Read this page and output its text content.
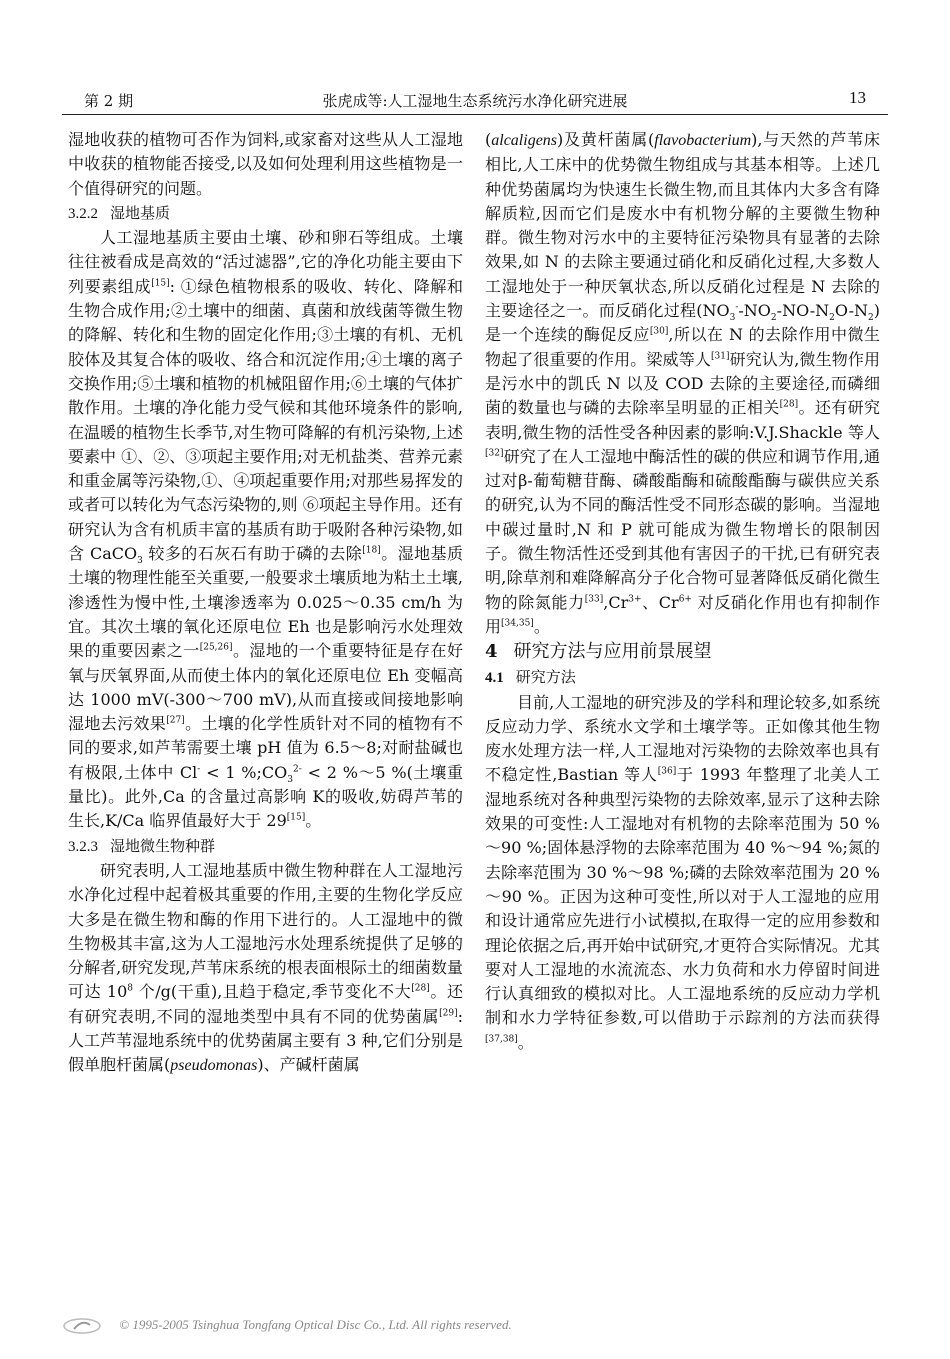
第 2 期	张虎成等:人工湿地生态系统污水净化研究进展	13

湿地收获的植物可否作为饲料,或家畜对这些从人工湿地中收获的植物能否接受,以及如何处理利用这些植物是一个值得研究的问题。

3.2.2 湿地基质

人工湿地基质主要由土壤、砂和卵石等组成。土壤往往被看成是高效的“活过滤器”,它的净化功能主要由下列要素组成[15]: ①绿色植物根系的吸收、转化、降解和生物合成作用;②土壤中的细菌、真菌和放线菌等微生物的降解、转化和生物的固定化作用;③土壤的有机、无机胶体及其复合体的吸收、络合和沉淀作用;④土壤的离子交换作用;⑤土壤和植物的机械阻留作用;⑥土壤的气体扩散作用。土壤的净化能力受气候和其他环境条件的影响,在温暖的植物生长季节,对生物可降解的有机污染物,上述要素中 ①、②、③项起主要作用;对无机盐类、营养元素和重金属等污染物,①、④项起重要作用;对那些易挥发的或者可以转化为气态污染物的,则 ⑥项起主导作用。还有研究认为含有机质丰富的基质有助于吸附各种污染物,如含 CaCO$_3$ 较多的石灰石有助于磷的去除[18]。湿地基质土壤的物理性能至关重要,一般要求土壤质地为粘土土壤,渗透性为慢中性,土壤渗透率为 0.025～0.35 cm/h 为宜。其次土壤的氧化还原电位 Eh 也是影响污水处理效果的重要因素之一[25,26]。湿地的一个重要特征是存在好氧与厌氧界面,从而使土体内的氧化还原电位 Eh 变幅高达 1000 mV(-300～700 mV),从而直接或间接地影响湿地去污效果[27]。土壤的化学性质针对不同的植物有不同的要求,如芦苇需要土壤 pH 值为 6.5～8;对耐盐碱也有极限,土体中 Cl- < 1 $\%;CO_3^{2-} < 2$ %～5 %(土壤重量比)。此外,Ca 的含量过高影响 K的吸收,妨碍芦苇的生长,K/Ca 临界值最好大于 29[15]。

3.2.3 湿地微生物种群

研究表明,人工湿地基质中微生物种群在人工湿地污水净化过程中起着极其重要的作用,主要的生物化学反应大多是在微生物和酶的作用下进行的。人工湿地中的微生物极其丰富,这为人工湿地污水处理系统提供了足够的分解者,研究发现,芦苇床系统的根表面根际土的细菌数量可达 $10^8$ 个/g(干重),且趋于稳定,季节变化不大[28]。还有研究表明,不同的湿地类型中具有不同的优势菌属[29]:人工芦苇湿地系统中的优势菌属主要有 3 种,它们分别是假单胞杆菌属(pseudomonas)、产碱杆菌属

(alcaligens)及黄杆菌属(flavobacterium),与天然的芦苇床相比,人工床中的优势微生物组成与其基本相等。上述几种优势菌属均为快速生长微生物,而且其体内大多含有降解质粒,因而它们是废水中有机物分解的主要微生物种群。微生物对污水中的主要特征污染物具有显著的去除效果,如 N 的去除主要通过硝化和反硝化过程,大多数人工湿地处于一种厌氧状态,所以反硝化过程是 N 去除的主要途径之一。而反硝化过程$(NO_3^--NO_2-NO-N_2O-N_2)$是一个连续的酶促反应[30],所以在 N 的去除作用中微生物起了很重要的作用。梁威等人[31]研究认为,微生物作用是污水中的凯氏 N 以及 COD 去除的主要途径,而磷细菌的数量也与磷的去除率呈明显的正相关[28]。还有研究表明,微生物的活性受各种因素的影响:V.J.Shackle 等人[32]研究了在人工湿地中酶活性的碳的供应和调节作用,通过对β-葡萄糖苷酶、磷酸酯酶和硫酸酯酶与碳供应关系的研究,认为不同的酶活性受不同形态碳的影响。当湿地中碳过量时,N 和 P 就可能成为微生物增长的限制因子。微生物活性还受到其他有害因子的干扰,已有研究表明,除草剂和难降解高分子化合物可显著降低反硝化微生物的除氮能力$[33],Cr^{3+}$、$Cr^{6+}$ 对反硝化作用也有抑制作用[34,35]。

4 研究方法与应用前景展望

4.1 研究方法

目前,人工湿地的研究涉及的学科和理论较多,如系统反应动力学、系统水文学和土壤学等。正如像其他生物废水处理方法一样,人工湿地对污染物的去除效率也具有不稳定性,Bastian 等人[36]于 1993 年整理了北美人工湿地系统对各种典型污染物的去除效率,显示了这种去除效果的可变性:人工湿地对有机物的去除率范围为 50 %～90 %;固体悬浮物的去除率范围为 40 %～94 %;氮的去除率范围为 30 %～98 %;磷的去除效率范围为 20 %～90 %。正因为这种可变性,所以对于人工湿地的应用和设计通常应先进行小试模拟,在取得一定的应用参数和理论依据之后,再开始中试研究,才更符合实际情况。尤其要对人工湿地的水流流态、水力负荷和水力停留时间进行认真细致的模拟对比。人工湿地系统的反应动力学机制和水力学特征参数,可以借助于示踪剂的方法而获得[37,38]。

© 1995-2005 Tsinghua Tongfang Optical Disc Co., Ltd. All rights reserved.
